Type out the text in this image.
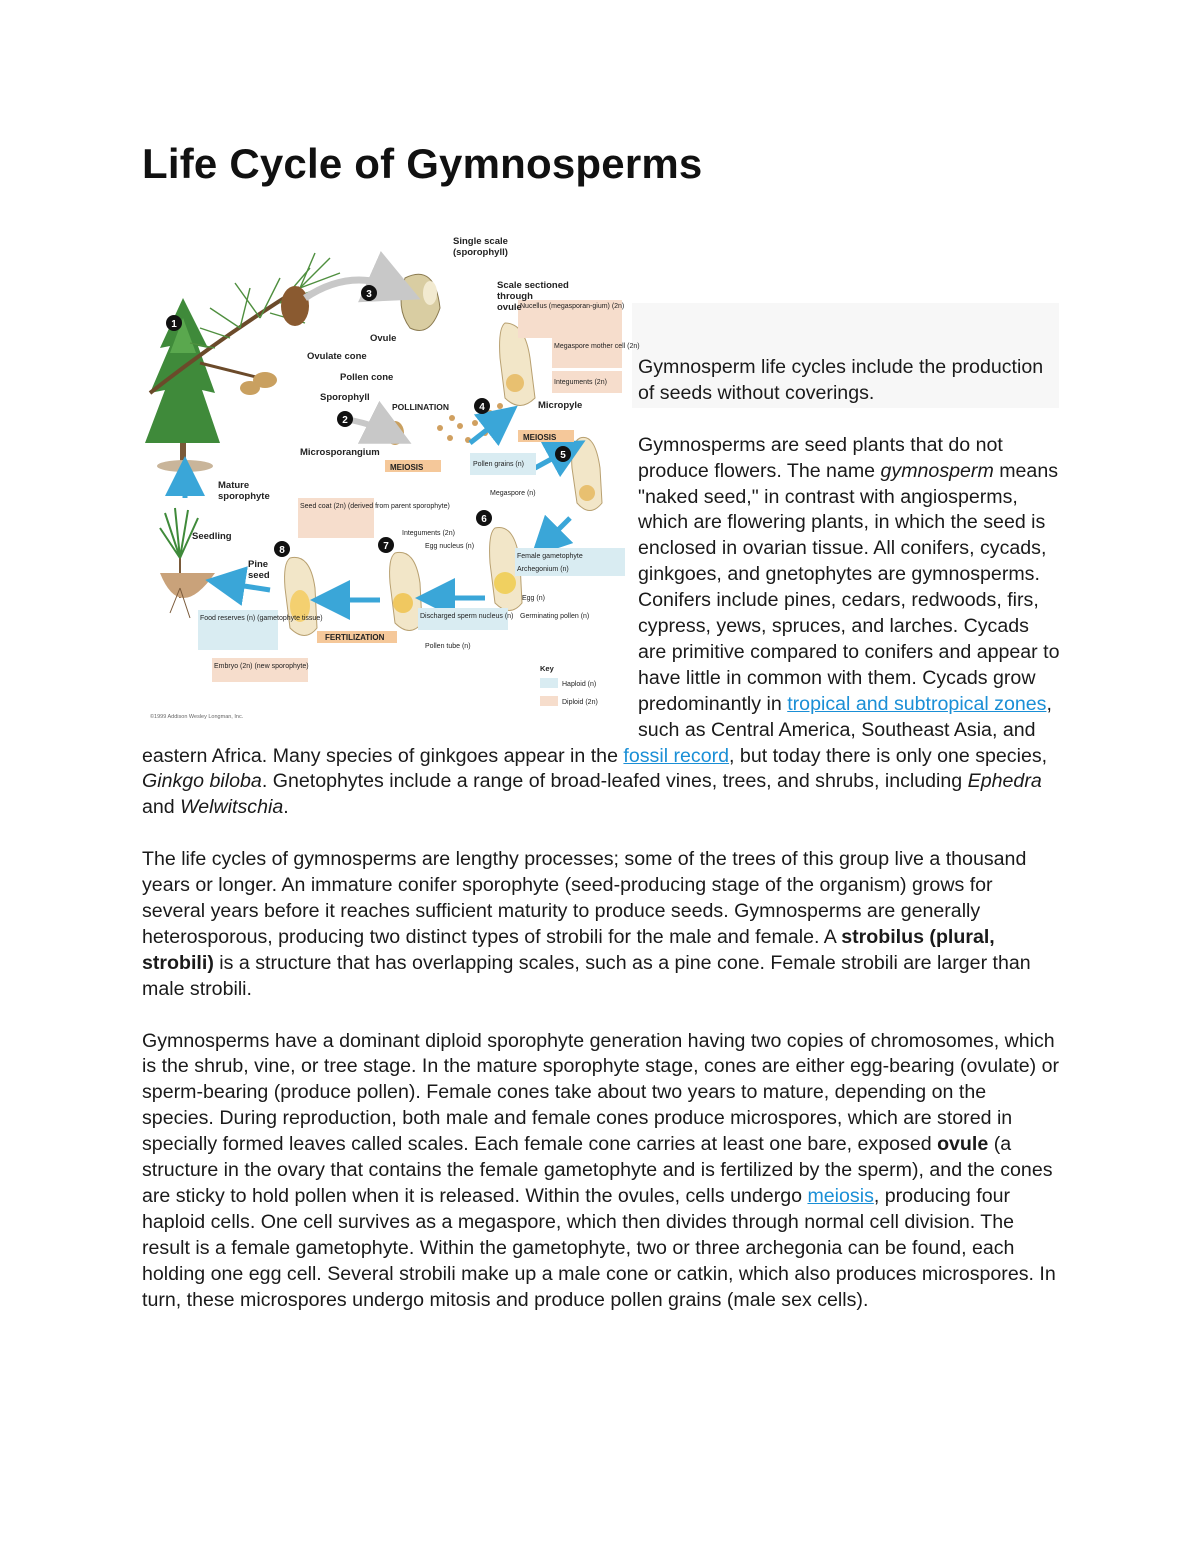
Life Cycle of Gymnosperms
1
2
3
4
5
6
7
8
Single scale
(sporophyll)
Scale sectioned
through
ovule
Ovule
Ovulate cone
Pollen cone
Sporophyll
POLLINATION
Microsporangium
MEIOSIS
MEIOSIS
Micropyle
Mature
sporophyte
Seedling
Pine
seed
FERTILIZATION
Key
Nucellus (megasporan-gium) (2n)
Megaspore mother cell (2n)
Integuments (2n)
Pollen grains (n)
Megaspore (n)
Seed coat (2n) (derived from parent sporophyte)
Integuments (2n)
Egg nucleus (n)
Female gametophyte
Archegonium (n)
Egg (n)
Germinating pollen (n)
Discharged sperm nucleus (n)
Pollen tube (n)
Food reserves (n) (gametophyte tissue)
Embryo (2n) (new sporophyte)
Haploid (n)
Diploid (2n)
©1999 Addison Wesley Longman, Inc.

Gymnosperm life cycles include the production of seeds without coverings.

Gymnosperms are seed plants that do not produce flowers. The name gymnosperm means "naked seed," in contrast with angiosperms, which are flowering plants, in which the seed is enclosed in ovarian tissue. All conifers, cycads, ginkgoes, and gnetophytes are gymnosperms. Conifers include pines, cedars, redwoods, firs, cypress, yews, spruces, and larches. Cycads are primitive compared to conifers and appear to have little in common with them. Cycads grow predominantly in tropical and subtropical zones, such as Central America, Southeast Asia, and eastern Africa. Many species of ginkgoes appear in the fossil record, but today there is only one species, Ginkgo biloba. Gnetophytes include a range of broad-leafed vines, trees, and shrubs, including Ephedra and Welwitschia.

The life cycles of gymnosperms are lengthy processes; some of the trees of this group live a thousand years or longer. An immature conifer sporophyte (seed-producing stage of the organism) grows for several years before it reaches sufficient maturity to produce seeds. Gymnosperms are generally heterosporous, producing two distinct types of strobili for the male and female. A strobilus (plural, strobili) is a structure that has overlapping scales, such as a pine cone. Female strobili are larger than male strobili.

Gymnosperms have a dominant diploid sporophyte generation having two copies of chromosomes, which is the shrub, vine, or tree stage. In the mature sporophyte stage, cones are either egg-bearing (ovulate) or sperm-bearing (produce pollen). Female cones take about two years to mature, depending on the species. During reproduction, both male and female cones produce microspores, which are stored in specially formed leaves called scales. Each female cone carries at least one bare, exposed ovule (a structure in the ovary that contains the female gametophyte and is fertilized by the sperm), and the cones are sticky to hold pollen when it is released. Within the ovules, cells undergo meiosis, producing four haploid cells. One cell survives as a megaspore, which then divides through normal cell division. The result is a female gametophyte. Within the gametophyte, two or three archegonia can be found, each holding one egg cell. Several strobili make up a male cone or catkin, which also produces microspores. In turn, these microspores undergo mitosis and produce pollen grains (male sex cells).
